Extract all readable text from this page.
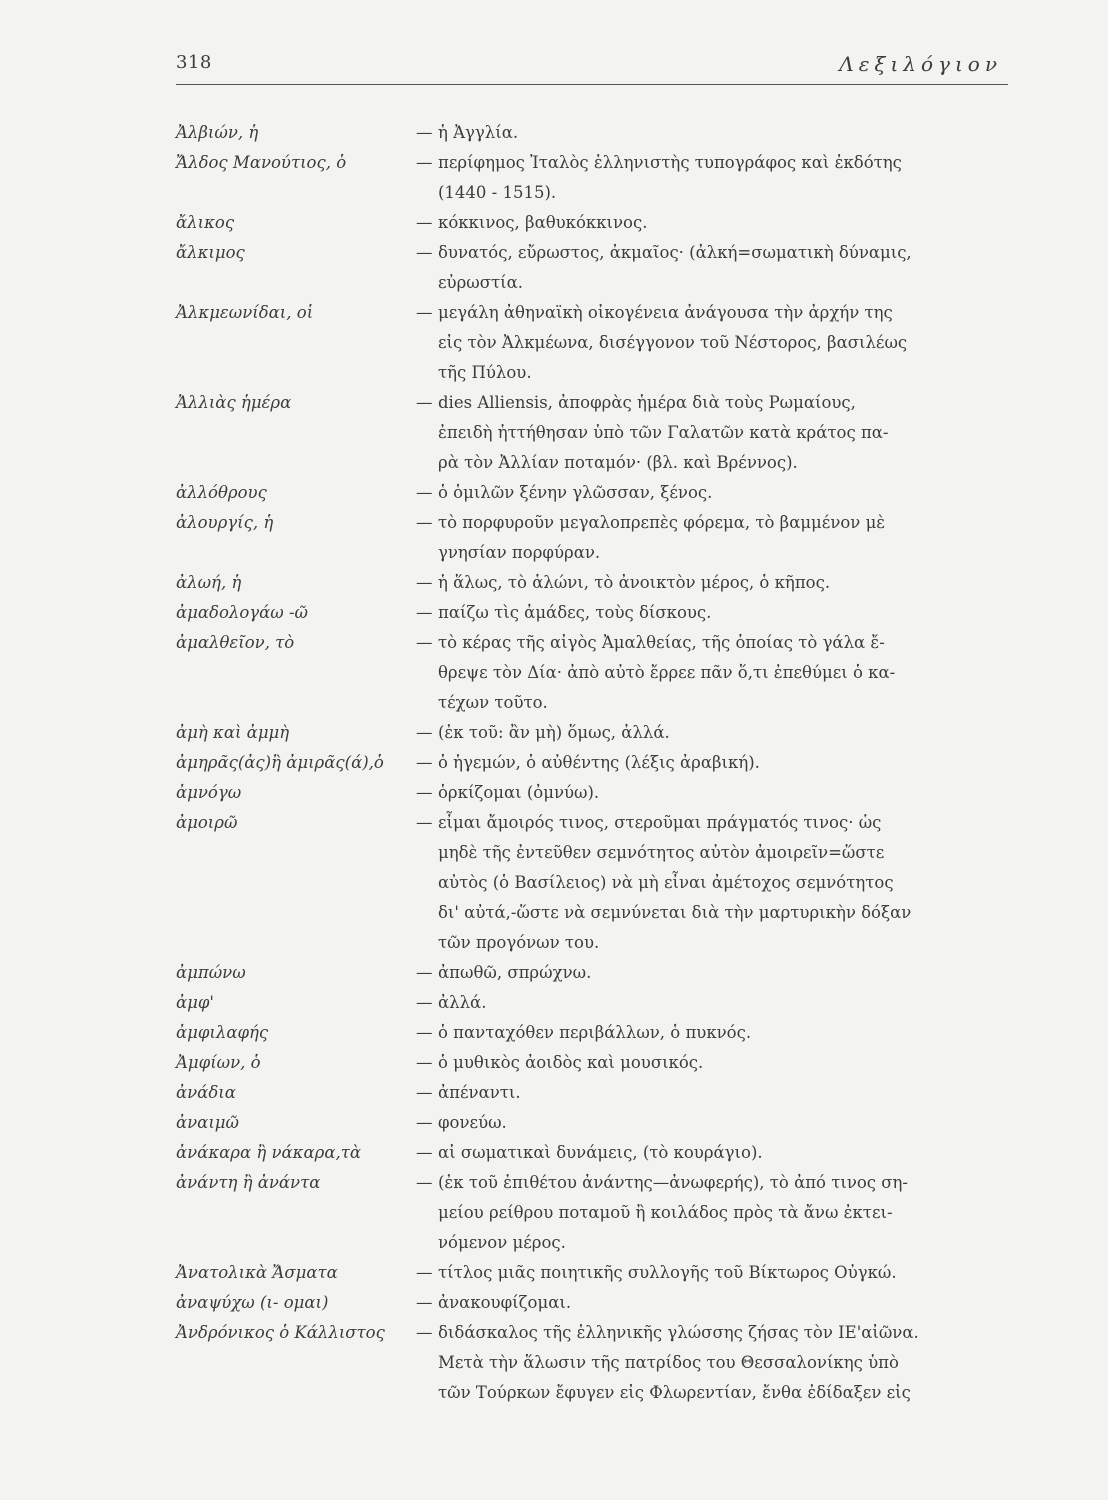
318	Λεξιλόγιον
Ἀλβιών, ἡ	— ἡ Ἀγγλία.
Ἄλδος Μανούτιος, ὁ	— περίφημος Ἰταλὸς ἑλληνιστὴς τυπογράφος καὶ ἐκδότης
(1440 - 1515).
ἄλικος	— κόκκινος, βαθυκόκκινος.
ἄλκιμος	— δυνατός, εὔρωστος, ἀκμαῖος· (ἀλκή=σωματικὴ δύναμις,
εὐρωστία.
Ἀλκμεωνίδαι, οἱ	— μεγάλη ἀθηναϊκὴ οἰκογένεια ἀνάγουσα τὴν ἀρχήν της
εἰς τὸν Ἀλκμέωνα, δισέγγονον τοῦ Νέστορος, βασιλέως
τῆς Πύλου.
Ἀλλιὰς ἡμέρα	— dies Alliensis, ἀποφρὰς ἡμέρα διὰ τοὺς Ρωμαίους,
ἐπειδὴ ἡττήθησαν ὑπὸ τῶν Γαλατῶν κατὰ κράτος πα-
ρὰ τὸν Ἀλλίαν ποταμόν· (βλ. καὶ Βρέννος).
ἀλλόθρους	— ὁ ὁμιλῶν ξένην γλῶσσαν, ξένος.
ἀλουργίς, ἡ	— τὸ πορφυροῦν μεγαλοπρεπὲς φόρεμα, τὸ βαμμένον μὲ
γνησίαν πορφύραν.
ἀλωή, ἡ	— ἡ ἅλως, τὸ ἁλώνι, τὸ ἀνοικτὸν μέρος, ὁ κῆπος.
ἀμαδολογάω -ῶ	— παίζω τὶς ἀμάδες, τοὺς δίσκους.
ἀμαλθεῖον, τὸ	— τὸ κέρας τῆς αἰγὸς Ἀμαλθείας, τῆς ὁποίας τὸ γάλα ἔ-
θρεψε τὸν Δία· ἀπὸ αὐτὸ ἔρρεε πᾶν ὅ,τι ἐπεθύμει ὁ κα-
τέχων τοῦτο.
ἀμὴ καὶ ἀμμὴ	— (ἐκ τοῦ: ἂν μὴ) ὅμως, ἀλλά.
ἀμηρᾶς(ἀς)ἢ ἀμιρᾶς(ά),ὁ	— ὁ ἡγεμών, ὁ αὐθέντης (λέξις ἀραβική).
ἀμνόγω	— ὁρκίζομαι (ὀμνύω).
ἀμοιρῶ	— εἶμαι ἄμοιρός τινος, στεροῦμαι πράγματός τινος· ὡς
μηδὲ τῆς ἐντεῦθεν σεμνότητος αὐτὸν ἀμοιρεῖν=ὥστε
αὐτὸς (ὁ Βασίλειος) νὰ μὴ εἶναι ἀμέτοχος σεμνότητος
δι' αὐτά,-ὥστε νὰ σεμνύνεται διὰ τὴν μαρτυρικὴν δόξαν
τῶν προγόνων του.
ἀμπώνω	— ἀπωθῶ, σπρώχνω.
ἀμφ'	— ἀλλά.
ἀμφιλαφής	— ὁ πανταχόθεν περιβάλλων, ὁ πυκνός.
Ἀμφίων, ὁ	— ὁ μυθικὸς ἀοιδὸς καὶ μουσικός.
ἀνάδια	— ἀπέναντι.
ἀναιμῶ	— φονεύω.
ἀνάκαρα ἢ νάκαρα,τὰ	— αἱ σωματικαὶ δυνάμεις, (τὸ κουράγιο).
ἀνάντη ἢ ἀνάντα	— (ἐκ τοῦ ἐπιθέτου ἀνάντης—ἀνωφερής), τὸ ἀπό τινος ση-
μείου ρείθρου ποταμοῦ ἢ κοιλάδος πρὸς τὰ ἄνω ἐκτει-
νόμενον μέρος.
Ἀνατολικὰ Ἄσματα	— τίτλος μιᾶς ποιητικῆς συλλογῆς τοῦ Βίκτωρος Οὐγκώ.
ἀναψύχω (ι- ομαι)	— ἀνακουφίζομαι.
Ἀνδρόνικος ὁ Κάλλιστος	— διδάσκαλος τῆς ἑλληνικῆς γλώσσης ζήσας τὸν ΙΕ'αἰῶνα.
Μετὰ τὴν ἅλωσιν τῆς πατρίδος του Θεσσαλονίκης ὑπὸ
τῶν Τούρκων ἔφυγεν εἰς Φλωρεντίαν, ἔνθα ἐδίδαξεν εἰς
